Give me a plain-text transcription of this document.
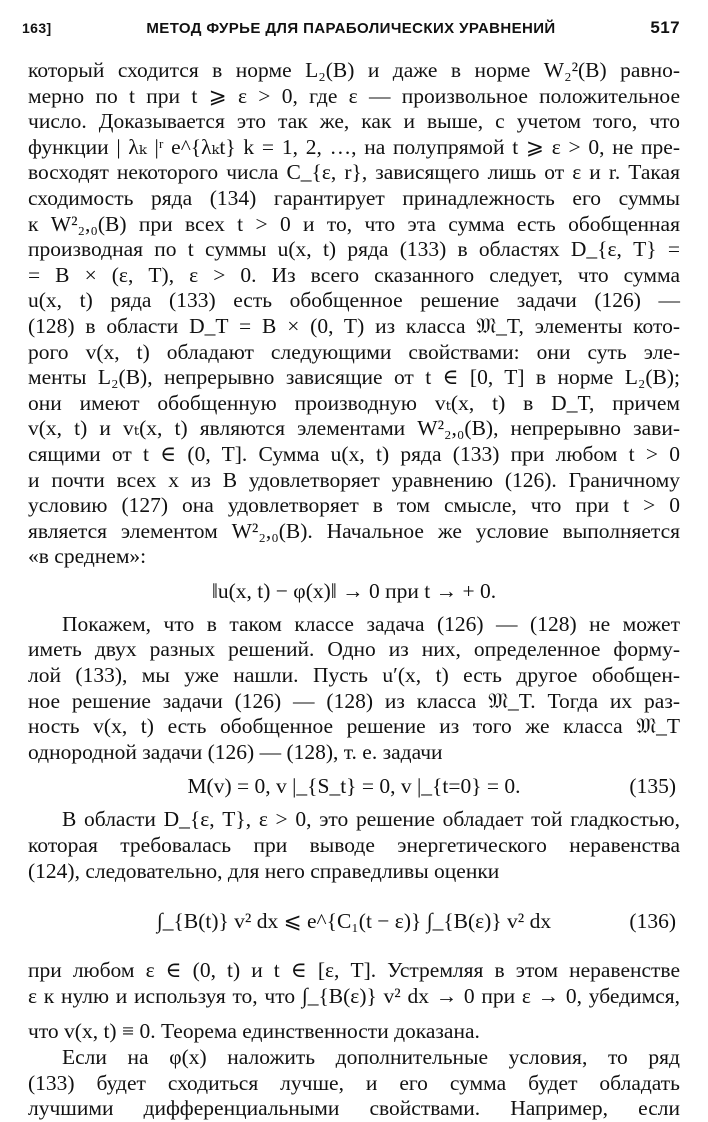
163]	МЕТОД ФУРЬЕ ДЛЯ ПАРАБОЛИЧЕСКИХ УРАВНЕНИЙ	517
который сходится в норме L₂(B) и даже в норме W₂²(B) равно-
мерно по t при t ⩾ ε > 0, где ε — произвольное положительное
число. Доказывается это так же, как и выше, с учетом того, что
функции | λₖ |ʳ e^{λₖt} k = 1, 2, …, на полупрямой t ⩾ ε > 0, не пре-
восходят некоторого числа C_{ε, r}, зависящего лишь от ε и r. Такая
сходимость ряда (134) гарантирует принадлежность его суммы
к W²₂,₀(B) при всех t > 0 и то, что эта сумма есть обобщенная
производная по t суммы u(x, t) ряда (133) в областях D_{ε, T} =
= B × (ε, T), ε > 0. Из всего сказанного следует, что сумма
u(x, t) ряда (133) есть обобщенное решение задачи (126) —
(128) в области D_T = B × (0, T) из класса 𝔐_T, элементы кото-
рого v(x, t) обладают следующими свойствами: они суть эле-
менты L₂(B), непрерывно зависящие от t ∈ [0, T] в норме L₂(B);
они имеют обобщенную производную vₜ(x, t) в D_T, причем
v(x, t) и vₜ(x, t) являются элементами W²₂,₀(B), непрерывно зави-
сящими от t ∈ (0, T]. Сумма u(x, t) ряда (133) при любом t > 0
и почти всех x из B удовлетворяет уравнению (126). Граничному
условию (127) она удовлетворяет в том смысле, что при t > 0
является элементом W²₂,₀(B). Начальное же условие выполняется
«в среднем»:
‖u(x, t) − φ(x)‖ → 0 при t → + 0.
Покажем, что в таком классе задача (126) — (128) не может
иметь двух разных решений. Одно из них, определенное форму-
лой (133), мы уже нашли. Пусть u′(x, t) есть другое обобщен-
ное решение задачи (126) — (128) из класса 𝔐_T. Тогда их раз-
ность v(x, t) есть обобщенное решение из того же класса 𝔐_T
однородной задачи (126) — (128), т. е. задачи
M(v) = 0, v |_{S_t} = 0, v |_{t=0} = 0.	(135)
В области D_{ε, T}, ε > 0, это решение обладает той гладкостью,
которая требовалась при выводе энергетического неравенства
(124), следовательно, для него справедливы оценки
∫_{B(t)} v² dx ⩽ e^{C₁(t − ε)} ∫_{B(ε)} v² dx	(136)
при любом ε ∈ (0, t) и t ∈ [ε, T]. Устремляя в этом неравенстве
ε к нулю и используя то, что ∫_{B(ε)} v² dx → 0 при ε → 0, убедимся,
что v(x, t) ≡ 0. Теорема единственности доказана.
Если на φ(x) наложить дополнительные условия, то ряд
(133) будет сходиться лучше, и его сумма будет обладать
лучшими дифференциальными свойствами. Например, если
